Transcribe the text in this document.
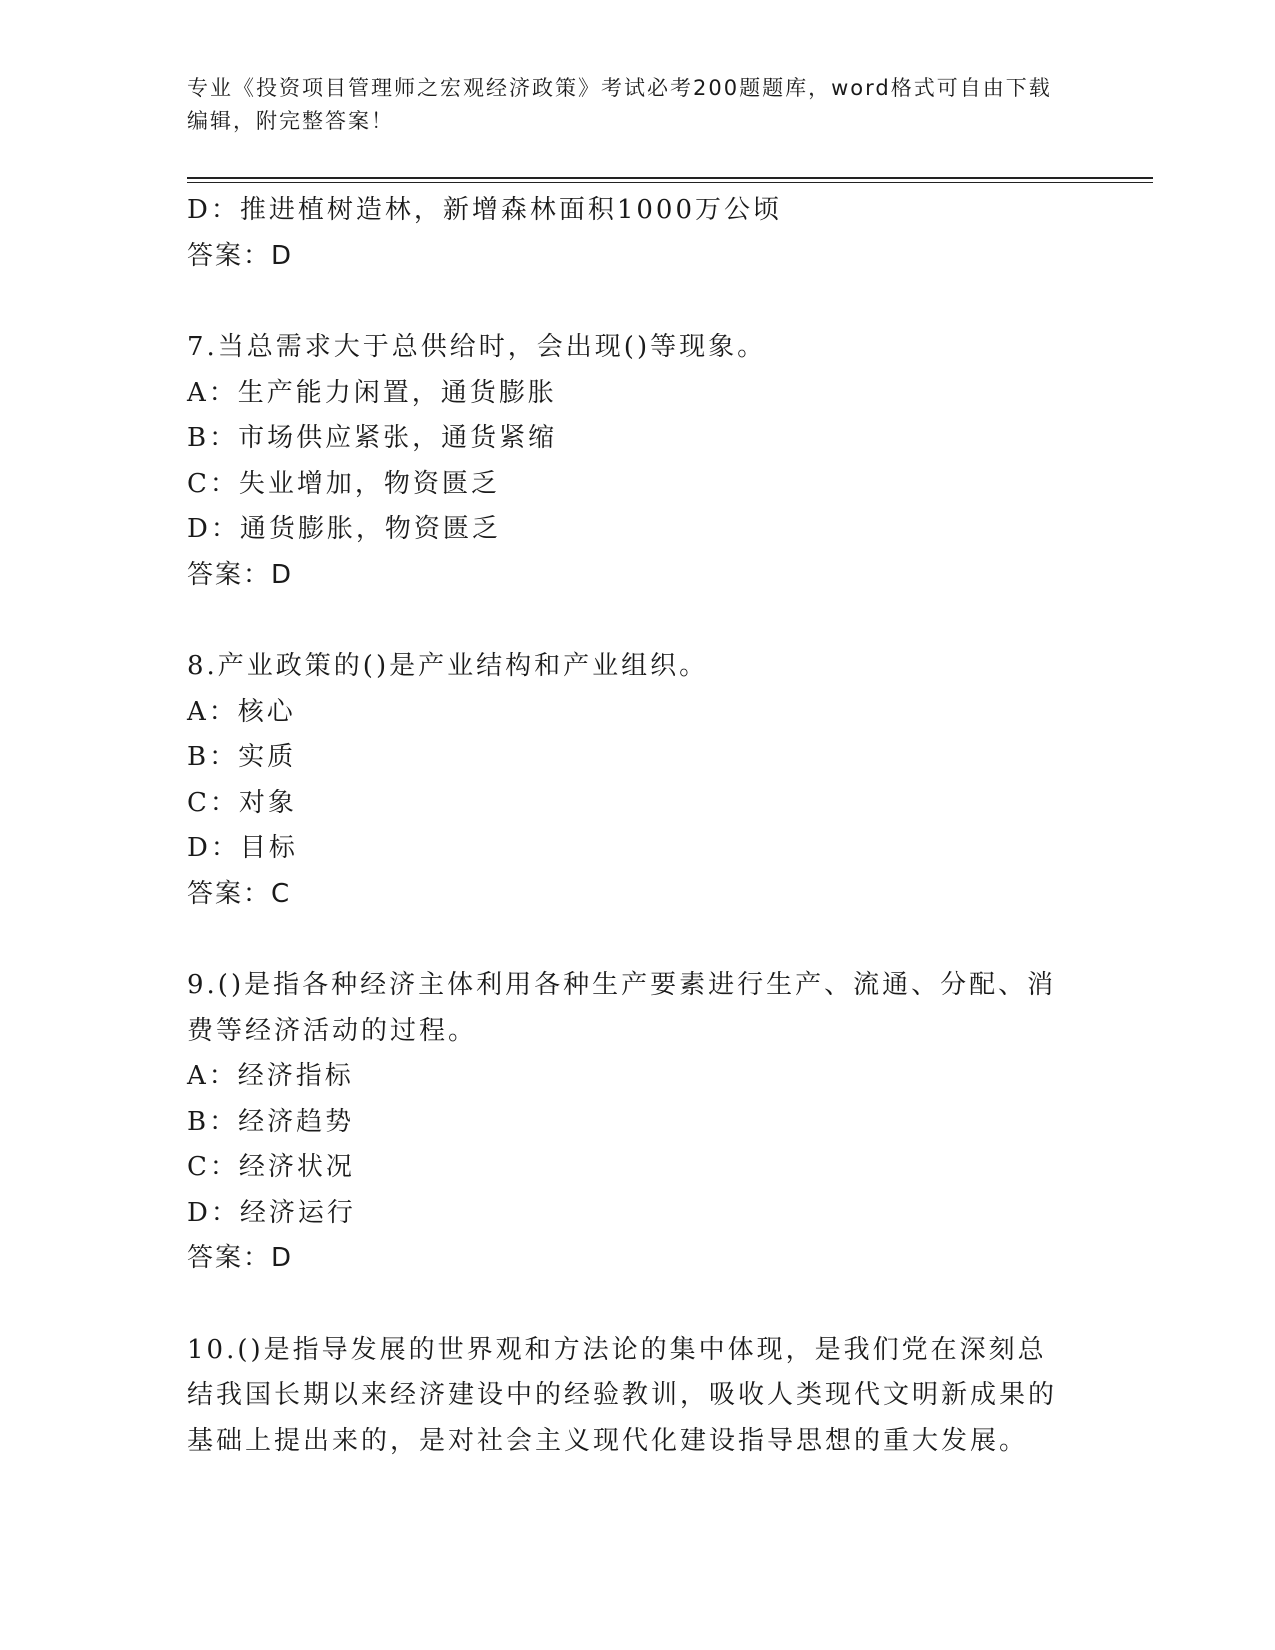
专业《投资项目管理师之宏观经济政策》考试必考200题题库，word格式可自由下载编辑，附完整答案！
D：推进植树造林，新增森林面积1000万公顷
答案：D
7.当总需求大于总供给时，会出现()等现象。
A：生产能力闲置，通货膨胀
B：市场供应紧张，通货紧缩
C：失业增加，物资匮乏
D：通货膨胀，物资匮乏
答案：D
8.产业政策的()是产业结构和产业组织。
A：核心
B：实质
C：对象
D：目标
答案：C
9.()是指各种经济主体利用各种生产要素进行生产、流通、分配、消费等经济活动的过程。
A：经济指标
B：经济趋势
C：经济状况
D：经济运行
答案：D
10.()是指导发展的世界观和方法论的集中体现，是我们党在深刻总结我国长期以来经济建设中的经验教训，吸收人类现代文明新成果的基础上提出来的，是对社会主义现代化建设指导思想的重大发展。
